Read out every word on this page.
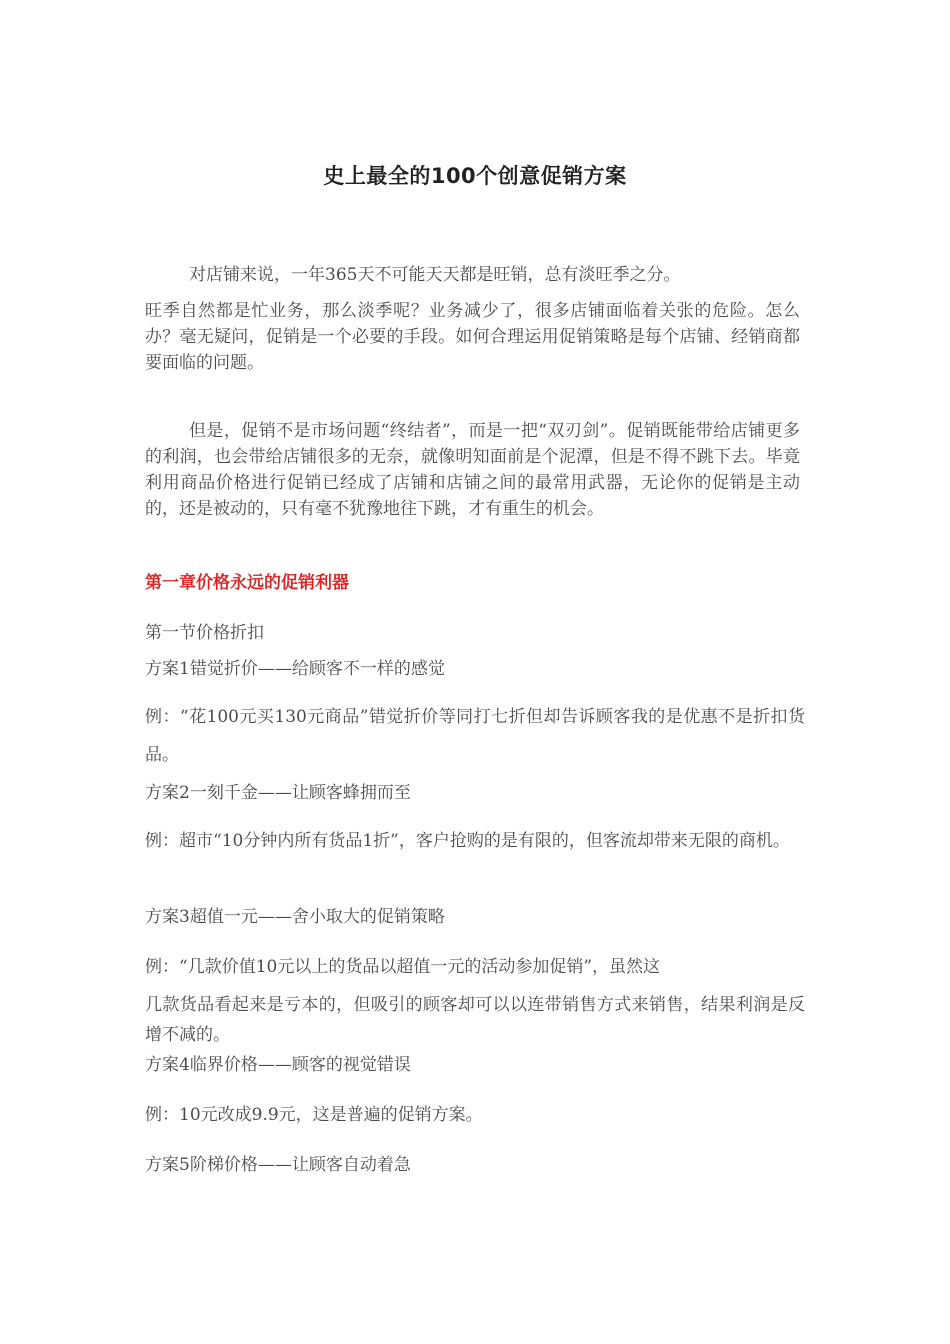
史上最全的100个创意促销方案

对店铺来说，一年365天不可能天天都是旺销，总有淡旺季之分。

旺季自然都是忙业务，那么淡季呢？业务减少了，很多店铺面临着关张的危险。怎么办？毫无疑问，促销是一个必要的手段。如何合理运用促销策略是每个店铺、经销商都要面临的问题。

但是，促销不是市场问题“终结者”，而是一把“双刃剑”。促销既能带给店铺更多的利润，也会带给店铺很多的无奈，就像明知面前是个泥潭，但是不得不跳下去。毕竟利用商品价格进行促销已经成了店铺和店铺之间的最常用武器，无论你的促销是主动的，还是被动的，只有毫不犹豫地往下跳，才有重生的机会。

第一章价格永远的促销利器
第一节价格折扣
方案1错觉折价——给顾客不一样的感觉
例：“花100元买130元商品”错觉折价等同打七折但却告诉顾客我的是优惠不是折扣货品。
方案2一刻千金——让顾客蜂拥而至
例：超市“10分钟内所有货品1折”，客户抢购的是有限的，但客流却带来无限的商机。
方案3超值一元——舍小取大的促销策略
例：“几款价值10元以上的货品以超值一元的活动参加促销”，虽然这
几款货品看起来是亏本的，但吸引的顾客却可以以连带销售方式来销售，结果利润是反增不减的。
方案4临界价格——顾客的视觉错误
例：10元改成9.9元，这是普遍的促销方案。
方案5阶梯价格——让顾客自动着急
